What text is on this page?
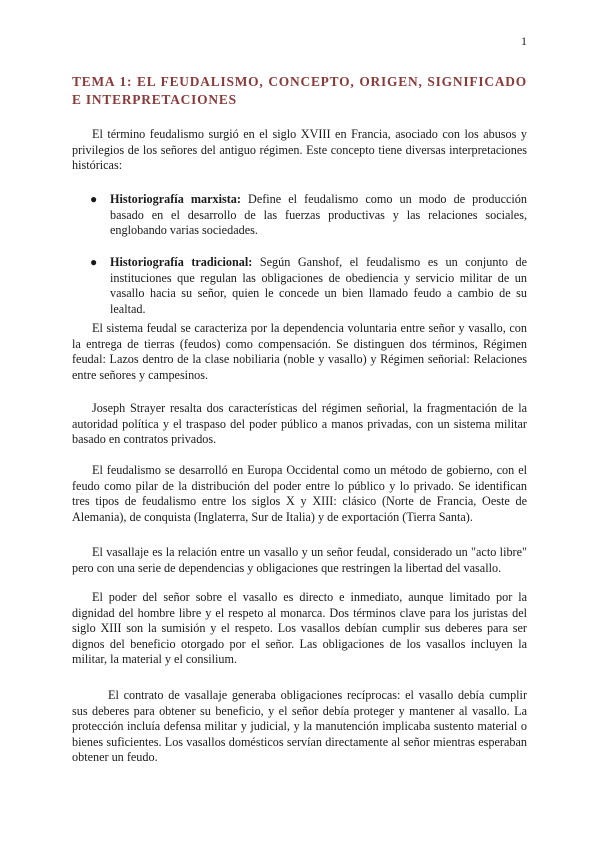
1
TEMA 1: EL FEUDALISMO, CONCEPTO, ORIGEN, SIGNIFICADO E INTERPRETACIONES

El término feudalismo surgió en el siglo XVIII en Francia, asociado con los abusos y privilegios de los señores del antiguo régimen. Este concepto tiene diversas interpretaciones históricas:

● Historiografía marxista: Define el feudalismo como un modo de producción basado en el desarrollo de las fuerzas productivas y las relaciones sociales, englobando varias sociedades.
● Historiografía tradicional: Según Ganshof, el feudalismo es un conjunto de instituciones que regulan las obligaciones de obediencia y servicio militar de un vasallo hacia su señor, quien le concede un bien llamado feudo a cambio de su lealtad.

El sistema feudal se caracteriza por la dependencia voluntaria entre señor y vasallo, con la entrega de tierras (feudos) como compensación. Se distinguen dos términos, Régimen feudal: Lazos dentro de la clase nobiliaria (noble y vasallo) y Régimen señorial: Relaciones entre señores y campesinos.

Joseph Strayer resalta dos características del régimen señorial, la fragmentación de la autoridad política y el traspaso del poder público a manos privadas, con un sistema militar basado en contratos privados.

El feudalismo se desarrolló en Europa Occidental como un método de gobierno, con el feudo como pilar de la distribución del poder entre lo público y lo privado. Se identifican tres tipos de feudalismo entre los siglos X y XIII: clásico (Norte de Francia, Oeste de Alemania), de conquista (Inglaterra, Sur de Italia) y de exportación (Tierra Santa).

El vasallaje es la relación entre un vasallo y un señor feudal, considerado un "acto libre" pero con una serie de dependencias y obligaciones que restringen la libertad del vasallo.

El poder del señor sobre el vasallo es directo e inmediato, aunque limitado por la dignidad del hombre libre y el respeto al monarca. Dos términos clave para los juristas del siglo XIII son la sumisión y el respeto. Los vasallos debían cumplir sus deberes para ser dignos del beneficio otorgado por el señor. Las obligaciones de los vasallos incluyen la militar, la material y el consilium.

El contrato de vasallaje generaba obligaciones recíprocas: el vasallo debía cumplir sus deberes para obtener su beneficio, y el señor debía proteger y mantener al vasallo. La protección incluía defensa militar y judicial, y la manutención implicaba sustento material o bienes suficientes. Los vasallos domésticos servían directamente al señor mientras esperaban obtener un feudo.
